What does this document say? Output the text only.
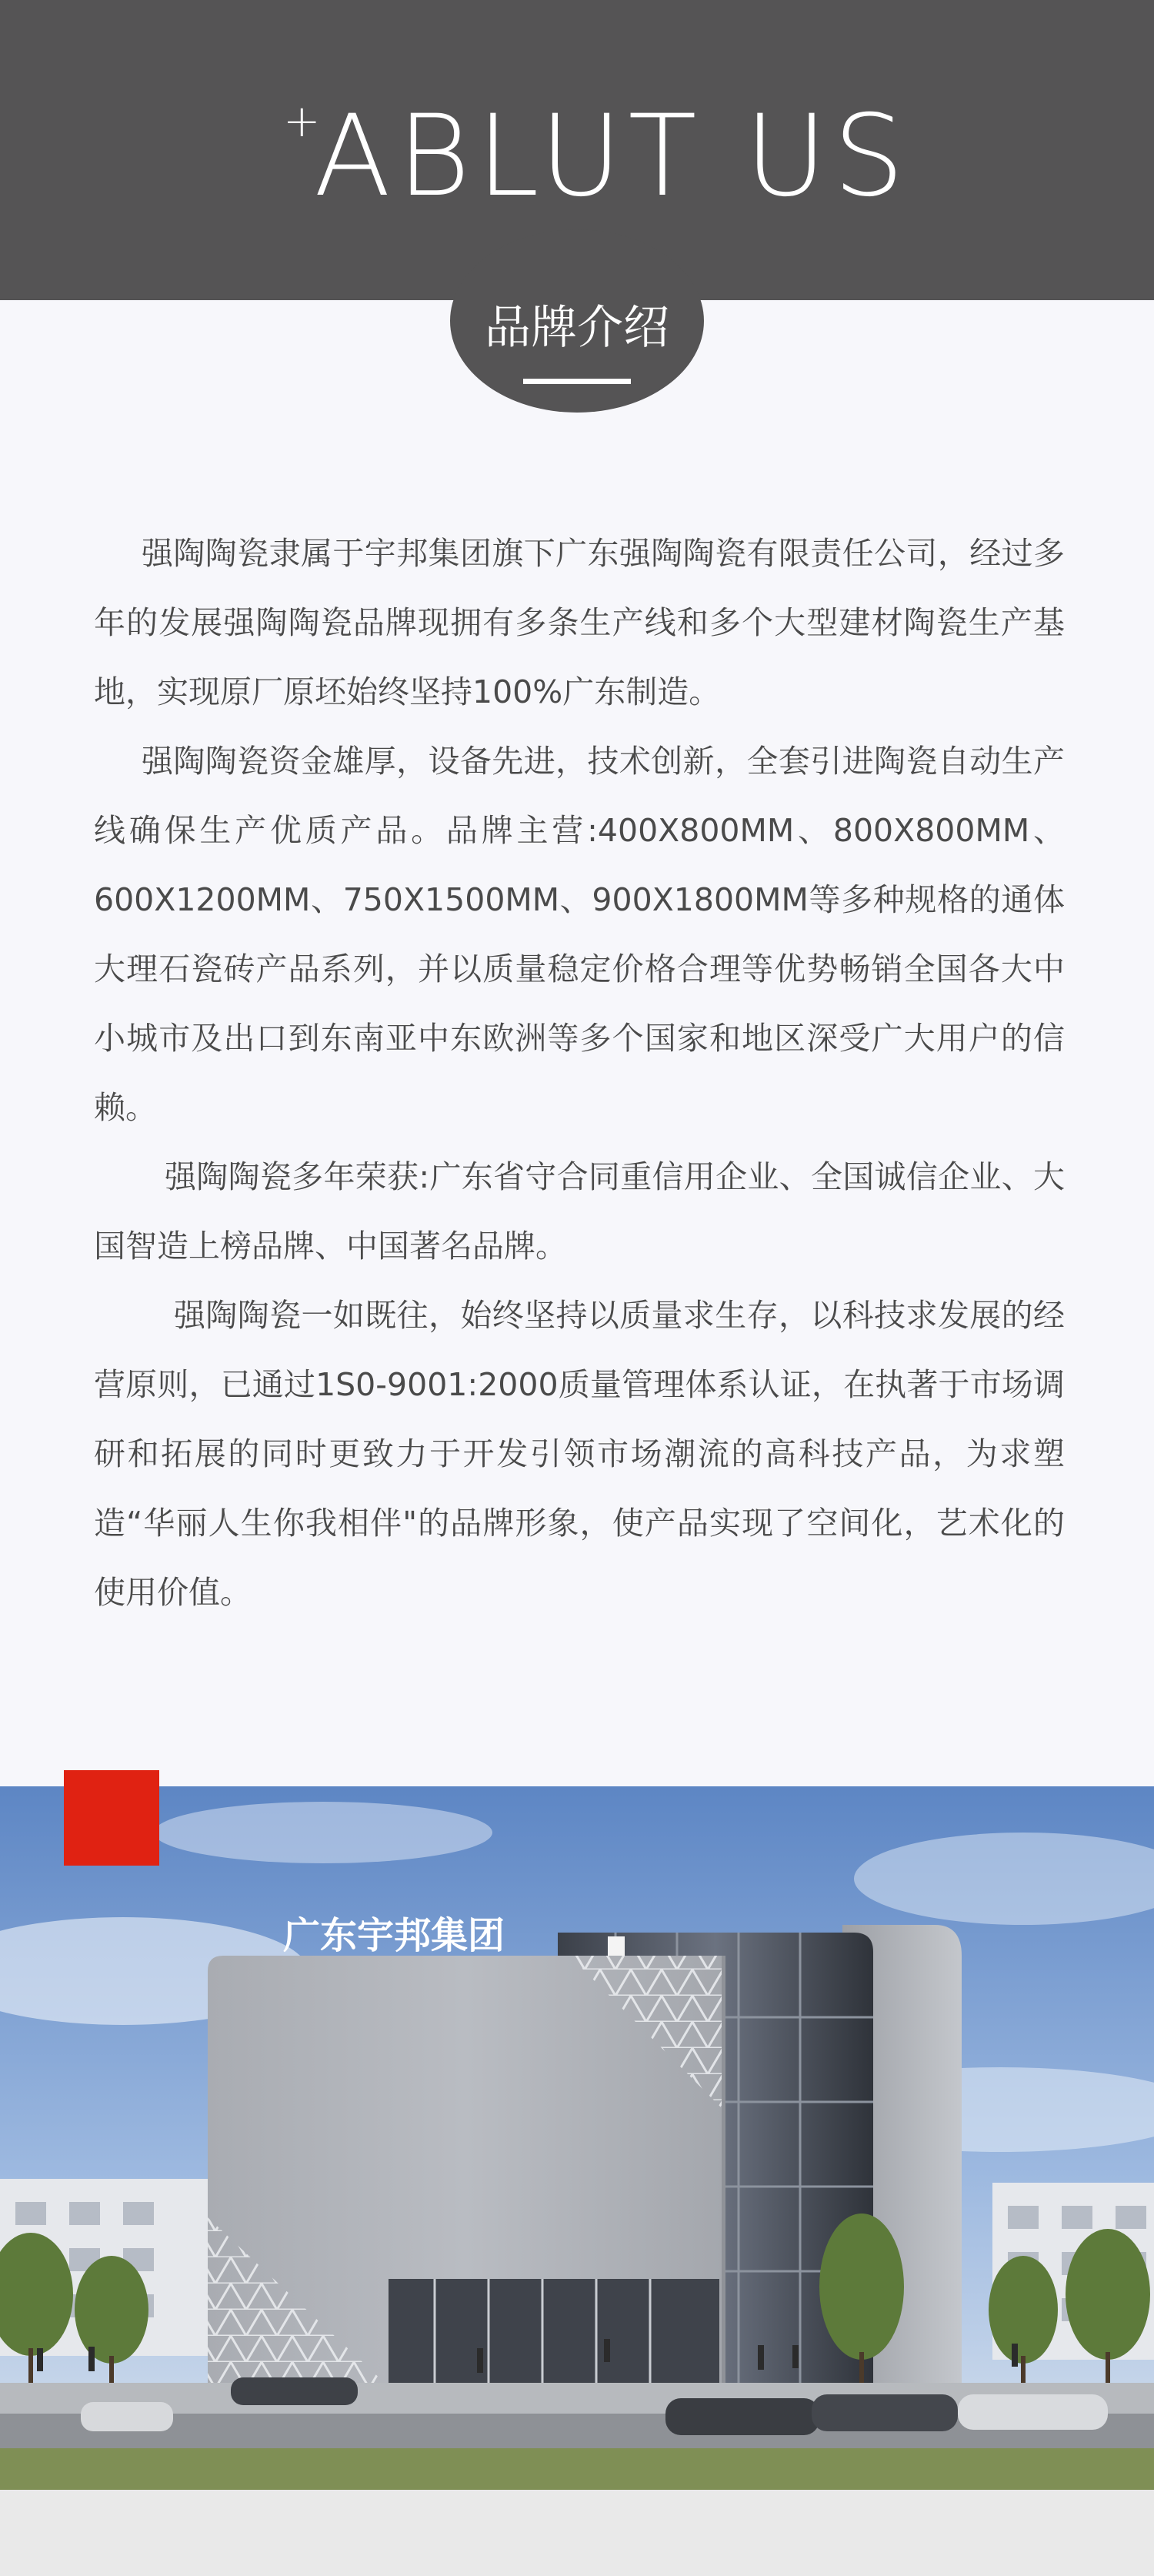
+
ABLUT US
品牌介绍

强陶陶瓷隶属于宇邦集团旗下广东强陶陶瓷有限责任公司，经过多年的发展强陶陶瓷品牌现拥有多条生产线和多个大型建材陶瓷生产基地，实现原厂原坯始终坚持100%广东制造。

强陶陶瓷资金雄厚，设备先进，技术创新，全套引进陶瓷自动生产线确保生产优质产品。品牌主营:400X800MM、800X800MM、600X1200MM、750X1500MM、900X1800MM等多种规格的通体大理石瓷砖产品系列，并以质量稳定价格合理等优势畅销全国各大中小城市及出口到东南亚中东欧洲等多个国家和地区深受广大用户的信赖。

强陶陶瓷多年荣获:广东省守合同重信用企业、全国诚信企业、大国智造上榜品牌、中国著名品牌。

强陶陶瓷一如既往，始终坚持以质量求生存，以科技求发展的经营原则，已通过1S0-9001:2000质量管理体系认证，在执著于市场调研和拓展的同时更致力于开发引领市场潮流的高科技产品，为求塑造“华丽人生你我相伴"的品牌形象，使产品实现了空间化，艺术化的使用价值。

广东宇邦集团
